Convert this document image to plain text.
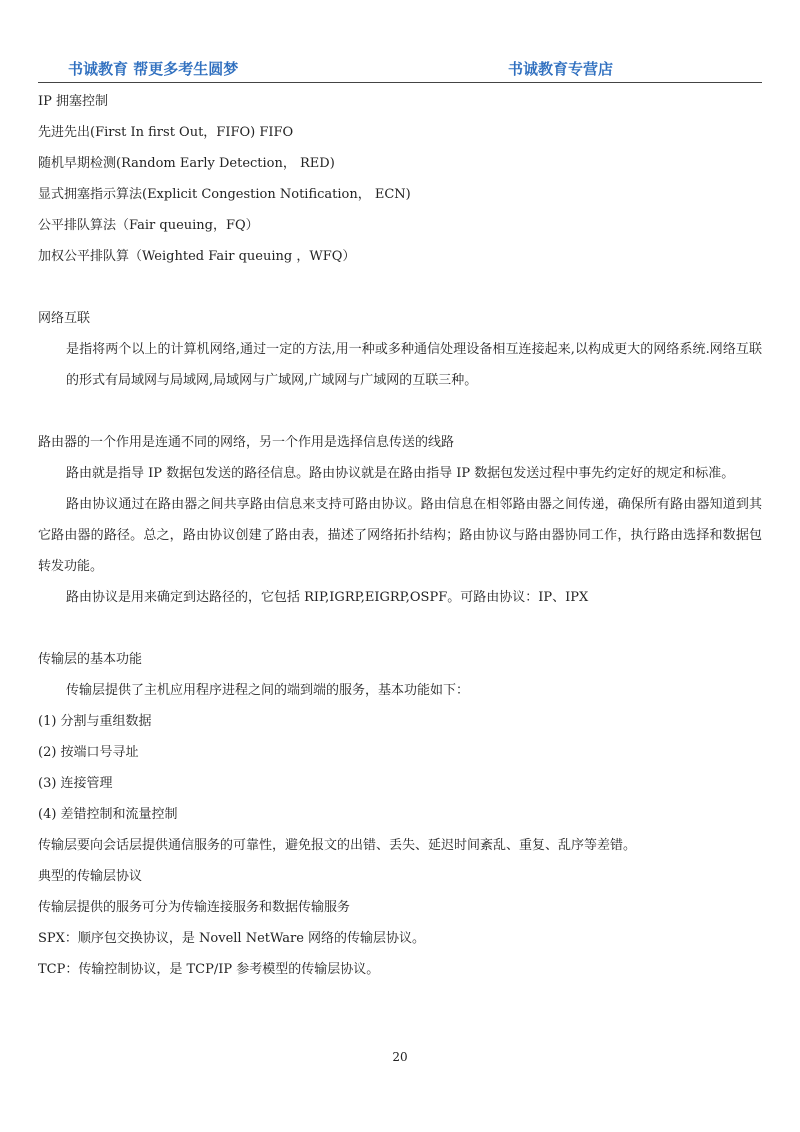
书诚教育 帮更多考生圆梦	书诚教育专营店

IP 拥塞控制

先进先出(First In first Out，FIFO) FIFO

随机早期检测(Random Early Detection， RED)

显式拥塞指示算法(Explicit Congestion Notification， ECN)

公平排队算法（Fair queuing，FQ）

加权公平排队算（Weighted Fair queuing ，WFQ）

网络互联

是指将两个以上的计算机网络,通过一定的方法,用一种或多种通信处理设备相互连接起来,以构成更大的网络系统.网络互联的形式有局域网与局域网,局域网与广域网,广域网与广域网的互联三种。

路由器的一个作用是连通不同的网络，另一个作用是选择信息传送的线路

路由就是指导 IP 数据包发送的路径信息。路由协议就是在路由指导 IP 数据包发送过程中事先约定好的规定和标准。

路由协议通过在路由器之间共享路由信息来支持可路由协议。路由信息在相邻路由器之间传递，确保所有路由器知道到其它路由器的路径。总之，路由协议创建了路由表，描述了网络拓扑结构；路由协议与路由器协同工作，执行路由选择和数据包转发功能。

路由协议是用来确定到达路径的，它包括 RIP,IGRP,EIGRP,OSPF。可路由协议：IP、IPX

传输层的基本功能

传输层提供了主机应用程序进程之间的端到端的服务，基本功能如下：

(1) 分割与重组数据

(2) 按端口号寻址

(3) 连接管理

(4) 差错控制和流量控制

传输层要向会话层提供通信服务的可靠性，避免报文的出错、丢失、延迟时间紊乱、重复、乱序等差错。

典型的传输层协议

传输层提供的服务可分为传输连接服务和数据传输服务

SPX：顺序包交换协议，是 Novell NetWare 网络的传输层协议。

TCP：传输控制协议，是 TCP/IP 参考模型的传输层协议。

20
